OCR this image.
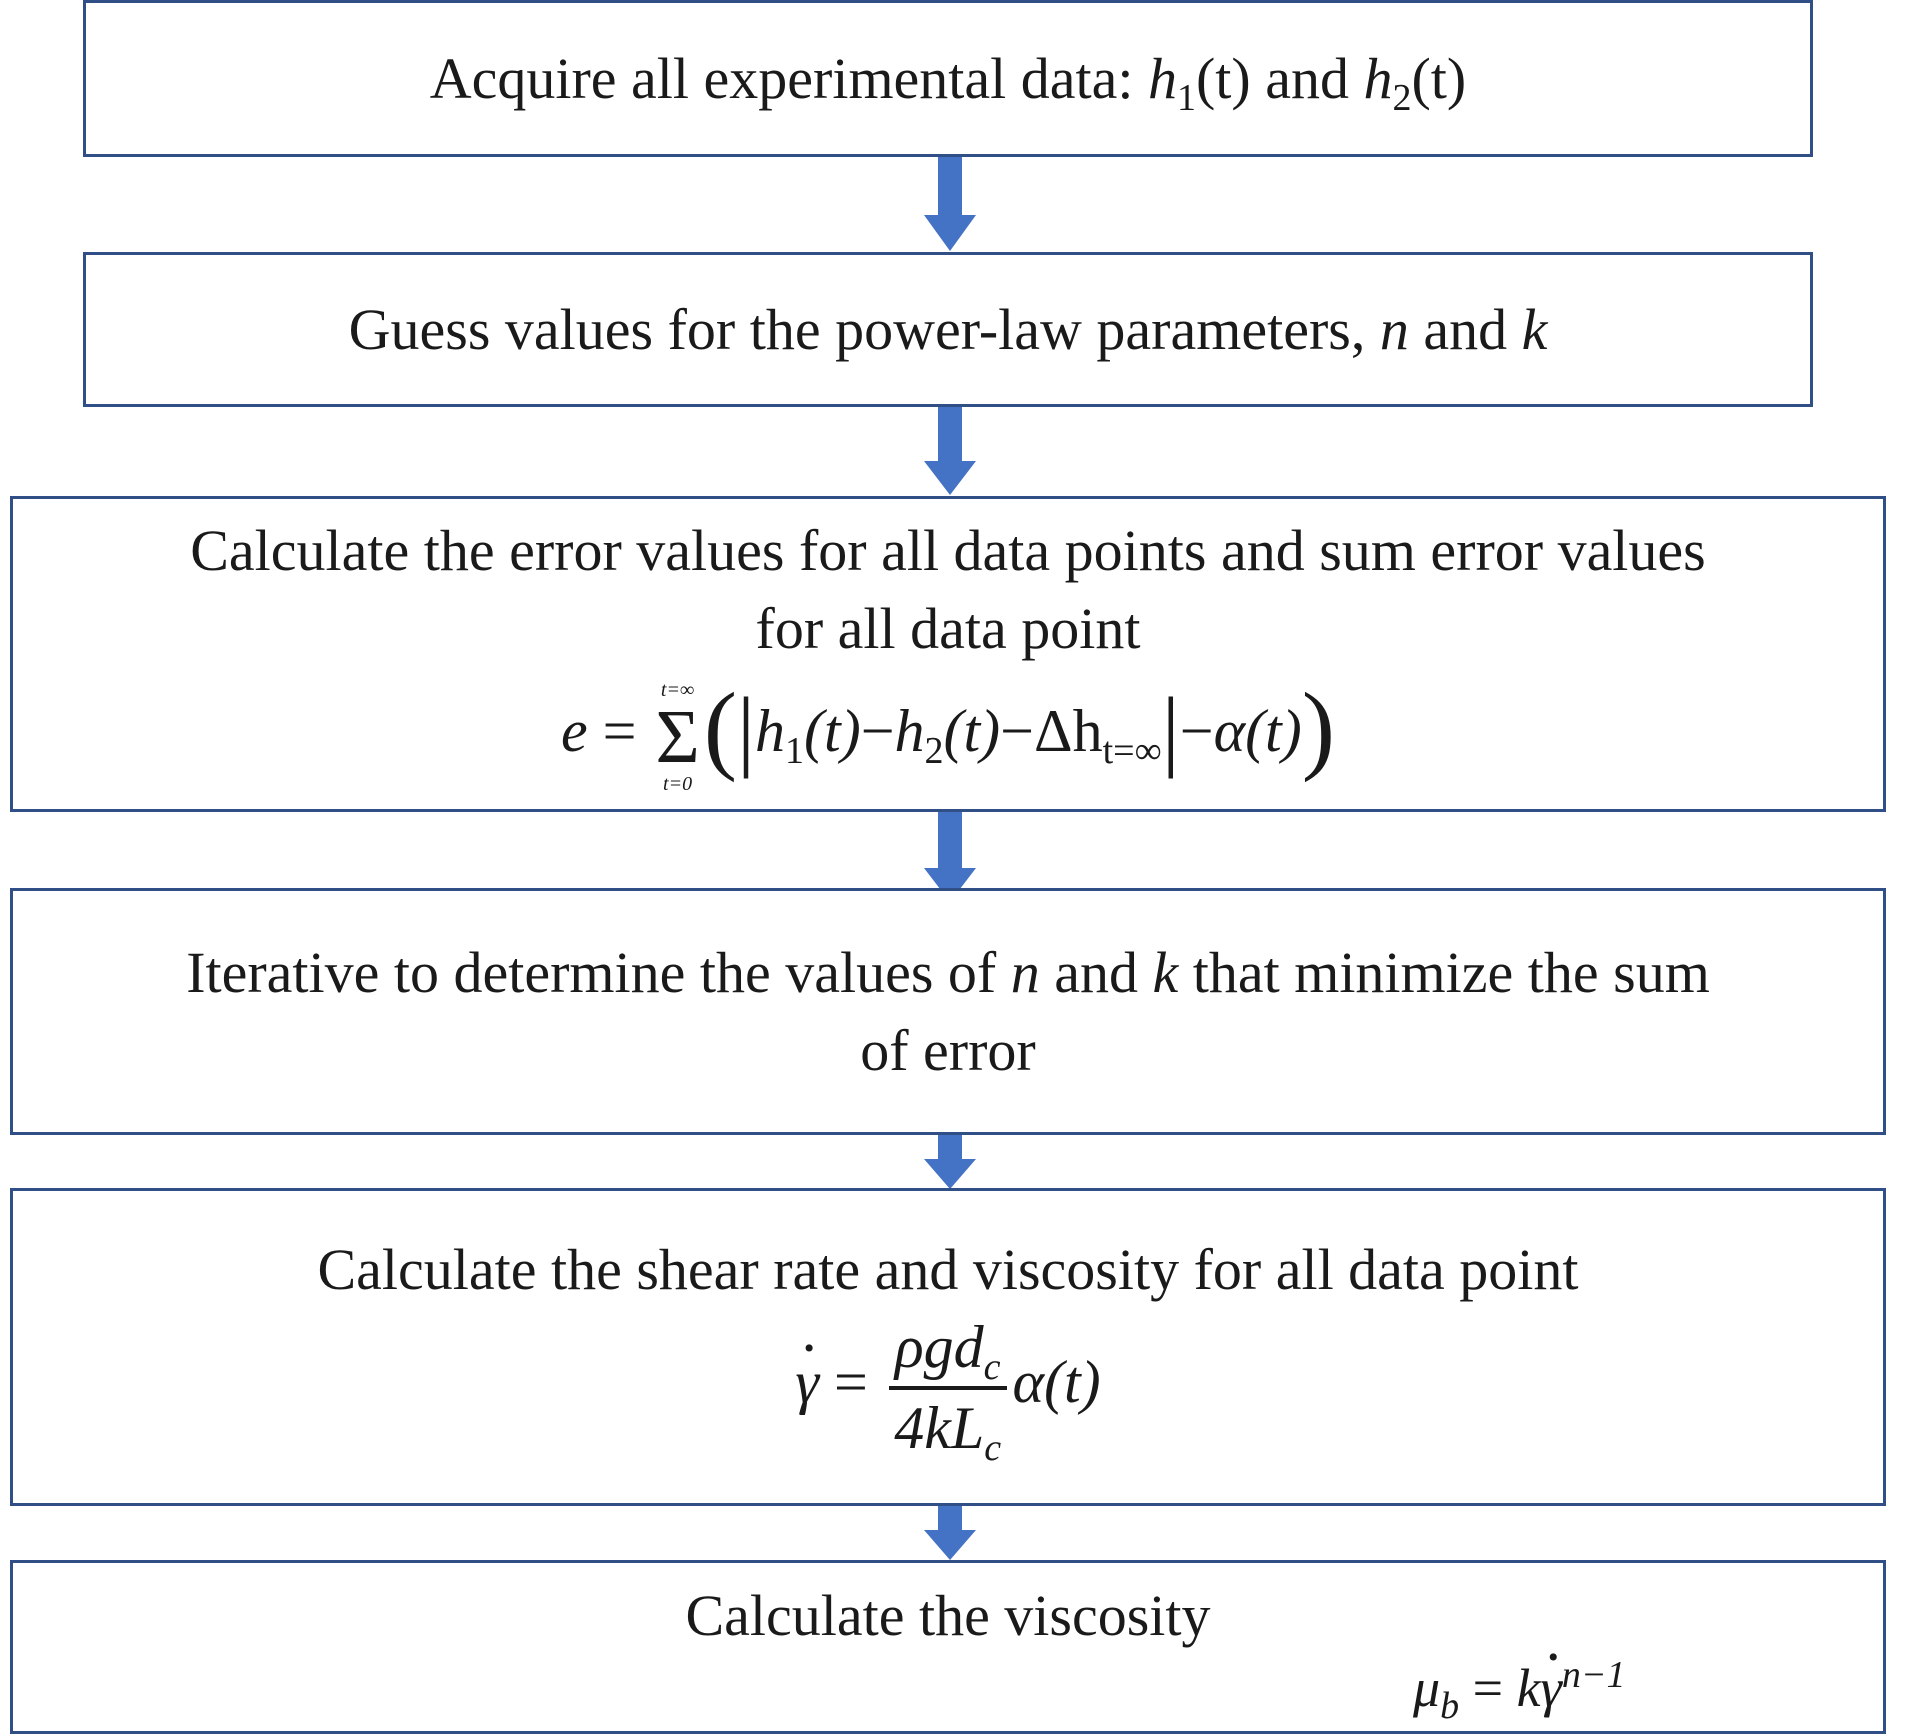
Acquire all experimental data: $h_1(t)$ and $h_2(t)$
Guess values for the power-law parameters, n and k
Calculate the error values for all data points and sum error values
for all data point
e =
t=∞
Σ
t=0
$(|h_1(t)-h_2(t)-\Delta h_{t=\infty}|-\alpha(t))$
Iterative to determine the values of n and k that minimize the sum
of error
Calculate the shear rate and viscosity for all data point
· $\gamma = \frac{\rho gd_c}{4kL_c} \alpha(t)$
Calculate the viscosity
$\mu_b = k\cdot \gamma^{n-1}$
